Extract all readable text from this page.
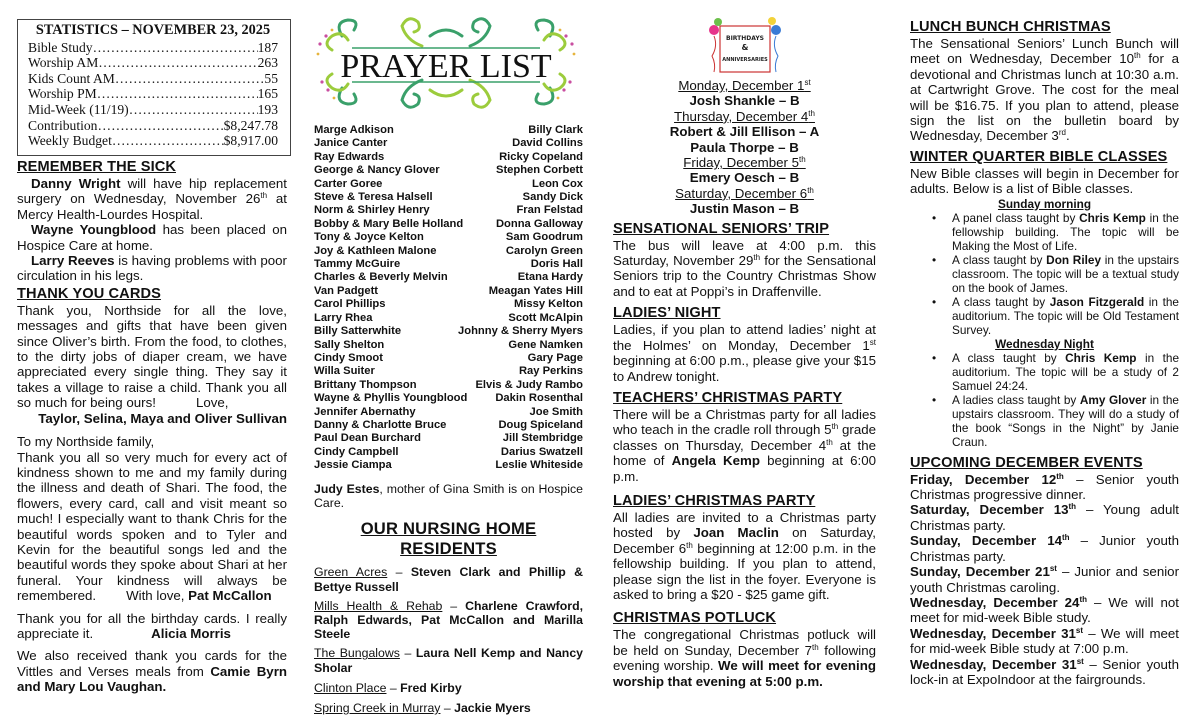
STATISTICS – NOVEMBER 23, 2025
Bible Study ……………………………………………………………………	187
Worship AM ……………………………………………………………………	263
Kids Count AM ……………………………………………………………………	55
Worship PM ……………………………………………………………………	165
Mid-Week (11/19) ……………………………………………………………………	193
Contribution ……………………………………………………………………	$8,247.78
Weekly Budget ……………………………………………………………………	$8,917.00
REMEMBER THE SICK

Danny Wright will have hip replacement surgery on Wednesday, November 26th at Mercy Health-Lourdes Hospital.

Wayne Youngblood has been placed on Hospice Care at home.

Larry Reeves is having problems with poor circulation in his legs.

THANK YOU CARDS

Thank you, Northside for all the love, messages and gifts that have been given since Oliver’s birth. From the food, to clothes, to the dirty jobs of diaper cream, we have appreciated every single thing. They say it takes a village to raise a child. Thank you all so much for being ours!	Love,

Taylor, Selina, Maya and Oliver Sullivan

To my Northside family,

Thank you all so very much for every act of kindness shown to me and my family during the illness and death of Shari. The food, the flowers, every card, call and visit meant so much! I especially want to thank Chris for the beautiful words spoken and to Tyler and Kevin for the beautiful songs led and the beautiful words they spoke about Shari at her funeral. Your kindness will always be remembered. With love, Pat McCallon

Thank you for all the birthday cards. I really appreciate it.	Alicia Morris

We also received thank you cards for the Vittles and Verses meals from Camie Byrn and Mary Lou Vaughan.

PRAYER LIST
Marge Adkison	Billy Clark
Janice Canter	David Collins
Ray Edwards	Ricky Copeland
George & Nancy Glover	Stephen Corbett
Carter Goree	Leon Cox
Steve & Teresa Halsell	Sandy Dick
Norm & Shirley Henry	Fran Felstad
Bobby & Mary Belle Holland	Donna Galloway
Tony & Joyce Kelton	Sam Goodrum
Joy & Kathleen Malone	Carolyn Green
Tammy McGuire	Doris Hall
Charles & Beverly Melvin	Etana Hardy
Van Padgett	Meagan Yates Hill
Carol Phillips	Missy Kelton
Larry Rhea	Scott McAlpin
Billy Satterwhite	Johnny & Sherry Myers
Sally Shelton	Gene Namken
Cindy Smoot	Gary Page
Willa Suiter	Ray Perkins
Brittany Thompson	Elvis & Judy Rambo
Wayne & Phyllis Youngblood	Dakin Rosenthal
Jennifer Abernathy	Joe Smith
Danny & Charlotte Bruce	Doug Spiceland
Paul Dean Burchard	Jill Stembridge
Cindy Campbell	Darius Swatzell
Jessie Ciampa	Leslie Whiteside

Judy Estes, mother of Gina Smith is on Hospice Care.

OUR NURSING HOME RESIDENTS

Green Acres – Steven Clark and Phillip & Bettye Russell

Mills Health & Rehab – Charlene Crawford, Ralph Edwards, Pat McCallon and Marilla Steele

The Bungalows – Laura Nell Kemp and Nancy Sholar

Clinton Place – Fred Kirby

Spring Creek in Murray – Jackie Myers

BIRTHDAYS
&
ANNIVERSARIES
Monday, December 1st
Josh Shankle – B
Thursday, December 4th
Robert & Jill Ellison – A
Paula Thorpe – B
Friday, December 5th
Emery Oesch – B
Saturday, December 6th
Justin Mason – B
SENSATIONAL SENIORS’ TRIP

The bus will leave at 4:00 p.m. this Saturday, November 29th for the Sensational Seniors trip to the Country Christmas Show and to eat at Poppi’s in Draffenville.

LADIES’ NIGHT

Ladies, if you plan to attend ladies’ night at the Holmes’ on Monday, December 1st beginning at 6:00 p.m., please give your $15 to Andrew tonight.

TEACHERS’ CHRISTMAS PARTY

There will be a Christmas party for all ladies who teach in the cradle roll through 5th grade classes on Thursday, December 4th at the home of Angela Kemp beginning at 6:00 p.m.

LADIES’ CHRISTMAS PARTY

All ladies are invited to a Christmas party hosted by Joan Maclin on Saturday, December 6th beginning at 12:00 p.m. in the fellowship building. If you plan to attend, please sign the list in the foyer. Everyone is asked to bring a $20 - $25 game gift.

CHRISTMAS POTLUCK

The congregational Christmas potluck will be held on Sunday, December 7th following evening worship. We will meet for evening worship that evening at 5:00 p.m.

LUNCH BUNCH CHRISTMAS

The Sensational Seniors’ Lunch Bunch will meet on Wednesday, December 10th for a devotional and Christmas lunch at 10:30 a.m. at Cartwright Grove. The cost for the meal will be $16.75. If you plan to attend, please sign the list on the bulletin board by Wednesday, December 3rd.

WINTER QUARTER BIBLE CLASSES

New Bible classes will begin in December for adults. Below is a list of Bible classes.

Sunday morning
• A panel class taught by Chris Kemp in the fellowship building. The topic will be Making the Most of Life.
• A class taught by Don Riley in the upstairs classroom. The topic will be a textual study on the book of James.
• A class taught by Jason Fitzgerald in the auditorium. The topic will be Old Testament Survey.
Wednesday Night
• A class taught by Chris Kemp in the auditorium. The topic will be a study of 2 Samuel 24:24.
• A ladies class taught by Amy Glover in the upstairs classroom. They will do a study of the book “Songs in the Night” by Janie Craun.
UPCOMING DECEMBER EVENTS

Friday, December 12th – Senior youth Christmas progressive dinner.

Saturday, December 13th – Young adult Christmas party.

Sunday, December 14th – Junior youth Christmas party.

Sunday, December 21st – Junior and senior youth Christmas caroling.

Wednesday, December 24th – We will not meet for mid-week Bible study.

Wednesday, December 31st – We will meet for mid-week Bible study at 7:00 p.m.

Wednesday, December 31st – Senior youth lock-in at ExpoIndoor at the fairgrounds.
